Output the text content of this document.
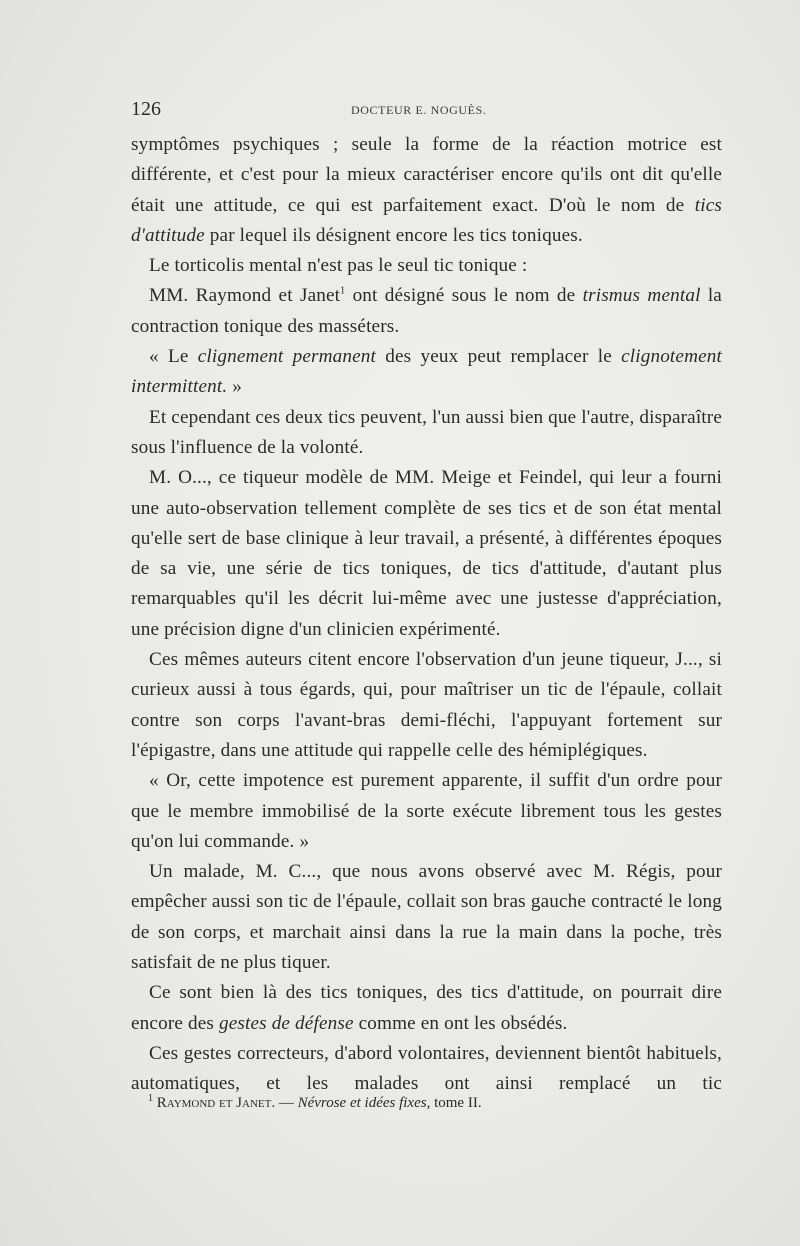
126	DOCTEUR E. NOGUÈS.

symptômes psychiques ; seule la forme de la réaction motrice est différente, et c'est pour la mieux caractériser encore qu'ils ont dit qu'elle était une attitude, ce qui est parfaitement exact. D'où le nom de tics d'attitude par lequel ils désignent encore les tics toniques.

Le torticolis mental n'est pas le seul tic tonique :

MM. Raymond et Janet$^1$ ont désigné sous le nom de trismus mental la contraction tonique des masséters.

« Le clignement permanent des yeux peut remplacer le clignotement intermittent. »

Et cependant ces deux tics peuvent, l'un aussi bien que l'autre, disparaître sous l'influence de la volonté.

M. O..., ce tiqueur modèle de MM. Meige et Feindel, qui leur a fourni une auto-observation tellement complète de ses tics et de son état mental qu'elle sert de base clinique à leur travail, a présenté, à différentes époques de sa vie, une série de tics toniques, de tics d'attitude, d'autant plus remarquables qu'il les décrit lui-même avec une justesse d'appréciation, une précision digne d'un clinicien expérimenté.

Ces mêmes auteurs citent encore l'observation d'un jeune tiqueur, J..., si curieux aussi à tous égards, qui, pour maîtriser un tic de l'épaule, collait contre son corps l'avant-bras demi-fléchi, l'appuyant fortement sur l'épigastre, dans une attitude qui rappelle celle des hémiplégiques.

« Or, cette impotence est purement apparente, il suffit d'un ordre pour que le membre immobilisé de la sorte exécute librement tous les gestes qu'on lui commande. »

Un malade, M. C..., que nous avons observé avec M. Régis, pour empêcher aussi son tic de l'épaule, collait son bras gauche contracté le long de son corps, et marchait ainsi dans la rue la main dans la poche, très satisfait de ne plus tiquer.

Ce sont bien là des tics toniques, des tics d'attitude, on pourrait dire encore des gestes de défense comme en ont les obsédés.

Ces gestes correcteurs, d'abord volontaires, deviennent bientôt habituels, automatiques, et les malades ont ainsi remplacé un tic

$^1$ Raymond et Janet. — Névrose et idées fixes, tome II.
